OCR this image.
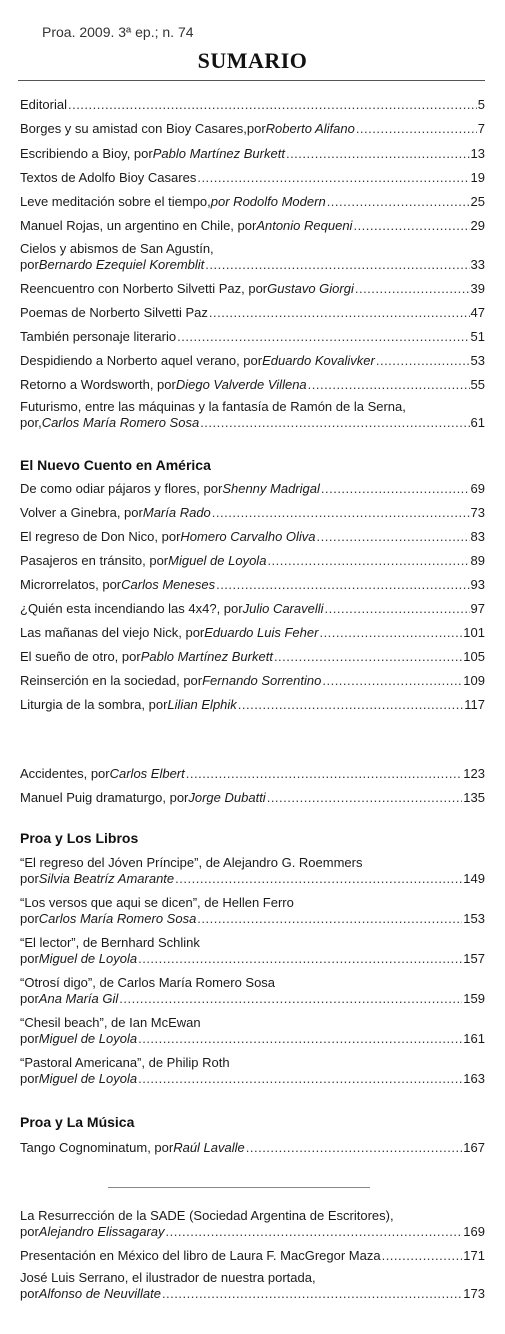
Proa. 2009. 3ª ep.; n. 74
SUMARIO
Editorial .....	5
Borges y su amistad con Bioy Casares,por Roberto Alifano .....	7
Escribiendo a Bioy, por Pablo Martínez Burkett .....	13
Textos de Adolfo Bioy Casares .....	19
Leve meditación sobre el tiempo, por Rodolfo Modern .....	25
Manuel Rojas, un argentino en Chile, por Antonio Requeni .....	29
Cielos y abismos de San Agustín,
por Bernardo Ezequiel Koremblit .....	33
Reencuentro con Norberto Silvetti Paz, por Gustavo Giorgi .....	39
Poemas de Norberto Silvetti Paz .....	47
También personaje literario .....	51
Despidiendo a Norberto aquel verano, por Eduardo Kovalivker .....	53
Retorno a Wordsworth, por Diego Valverde Villena .....	55
Futurismo, entre las máquinas y la fantasía de Ramón de la Serna,
por, Carlos María Romero Sosa .....	61
El Nuevo Cuento en América
De como odiar pájaros y flores, por Shenny Madrigal .....	69
Volver a Ginebra, por María Rado .....	73
El regreso de Don Nico, por Homero Carvalho Oliva .....	83
Pasajeros en tránsito, por Miguel de Loyola .....	89
Microrrelatos, por Carlos Meneses .....	93
¿Quién esta incendiando las 4x4?, por Julio Caravelli .....	97
Las mañanas del viejo Nick, por Eduardo Luis Feher .....	101
El sueño de otro, por Pablo Martínez Burkett .....	105
Reinserción en la sociedad, por Fernando Sorrentino .....	109
Liturgia de la sombra, por Lilian Elphik .....	117
Accidentes, por Carlos Elbert .....	123
Manuel Puig dramaturgo, por Jorge Dubatti .....	135
Proa y Los Libros
“El regreso del Jóven Príncipe”, de Alejandro G. Roemmers
por Silvia Beatríz Amarante .....	149
“Los versos que aqui se dicen”, de Hellen Ferro
por Carlos María Romero Sosa .....	153
“El lector”, de Bernhard Schlink
por Miguel de Loyola .....	157
“Otrosí digo”, de Carlos María Romero Sosa
por Ana María Gil .....	159
“Chesil beach”, de Ian McEwan
por Miguel de Loyola .....	161
“Pastoral Americana”, de Philip Roth
por Miguel de Loyola .....	163
Proa y La Música
Tango Cognominatum, por Raúl Lavalle .....	167
La Resurrección de la SADE (Sociedad Argentina de Escritores),
por Alejandro Elissagaray .....	169
Presentación en México del libro de Laura F. MacGregor Maza .....	171
José Luis Serrano, el ilustrador de nuestra portada,
por Alfonso de Neuvillate .....	173
